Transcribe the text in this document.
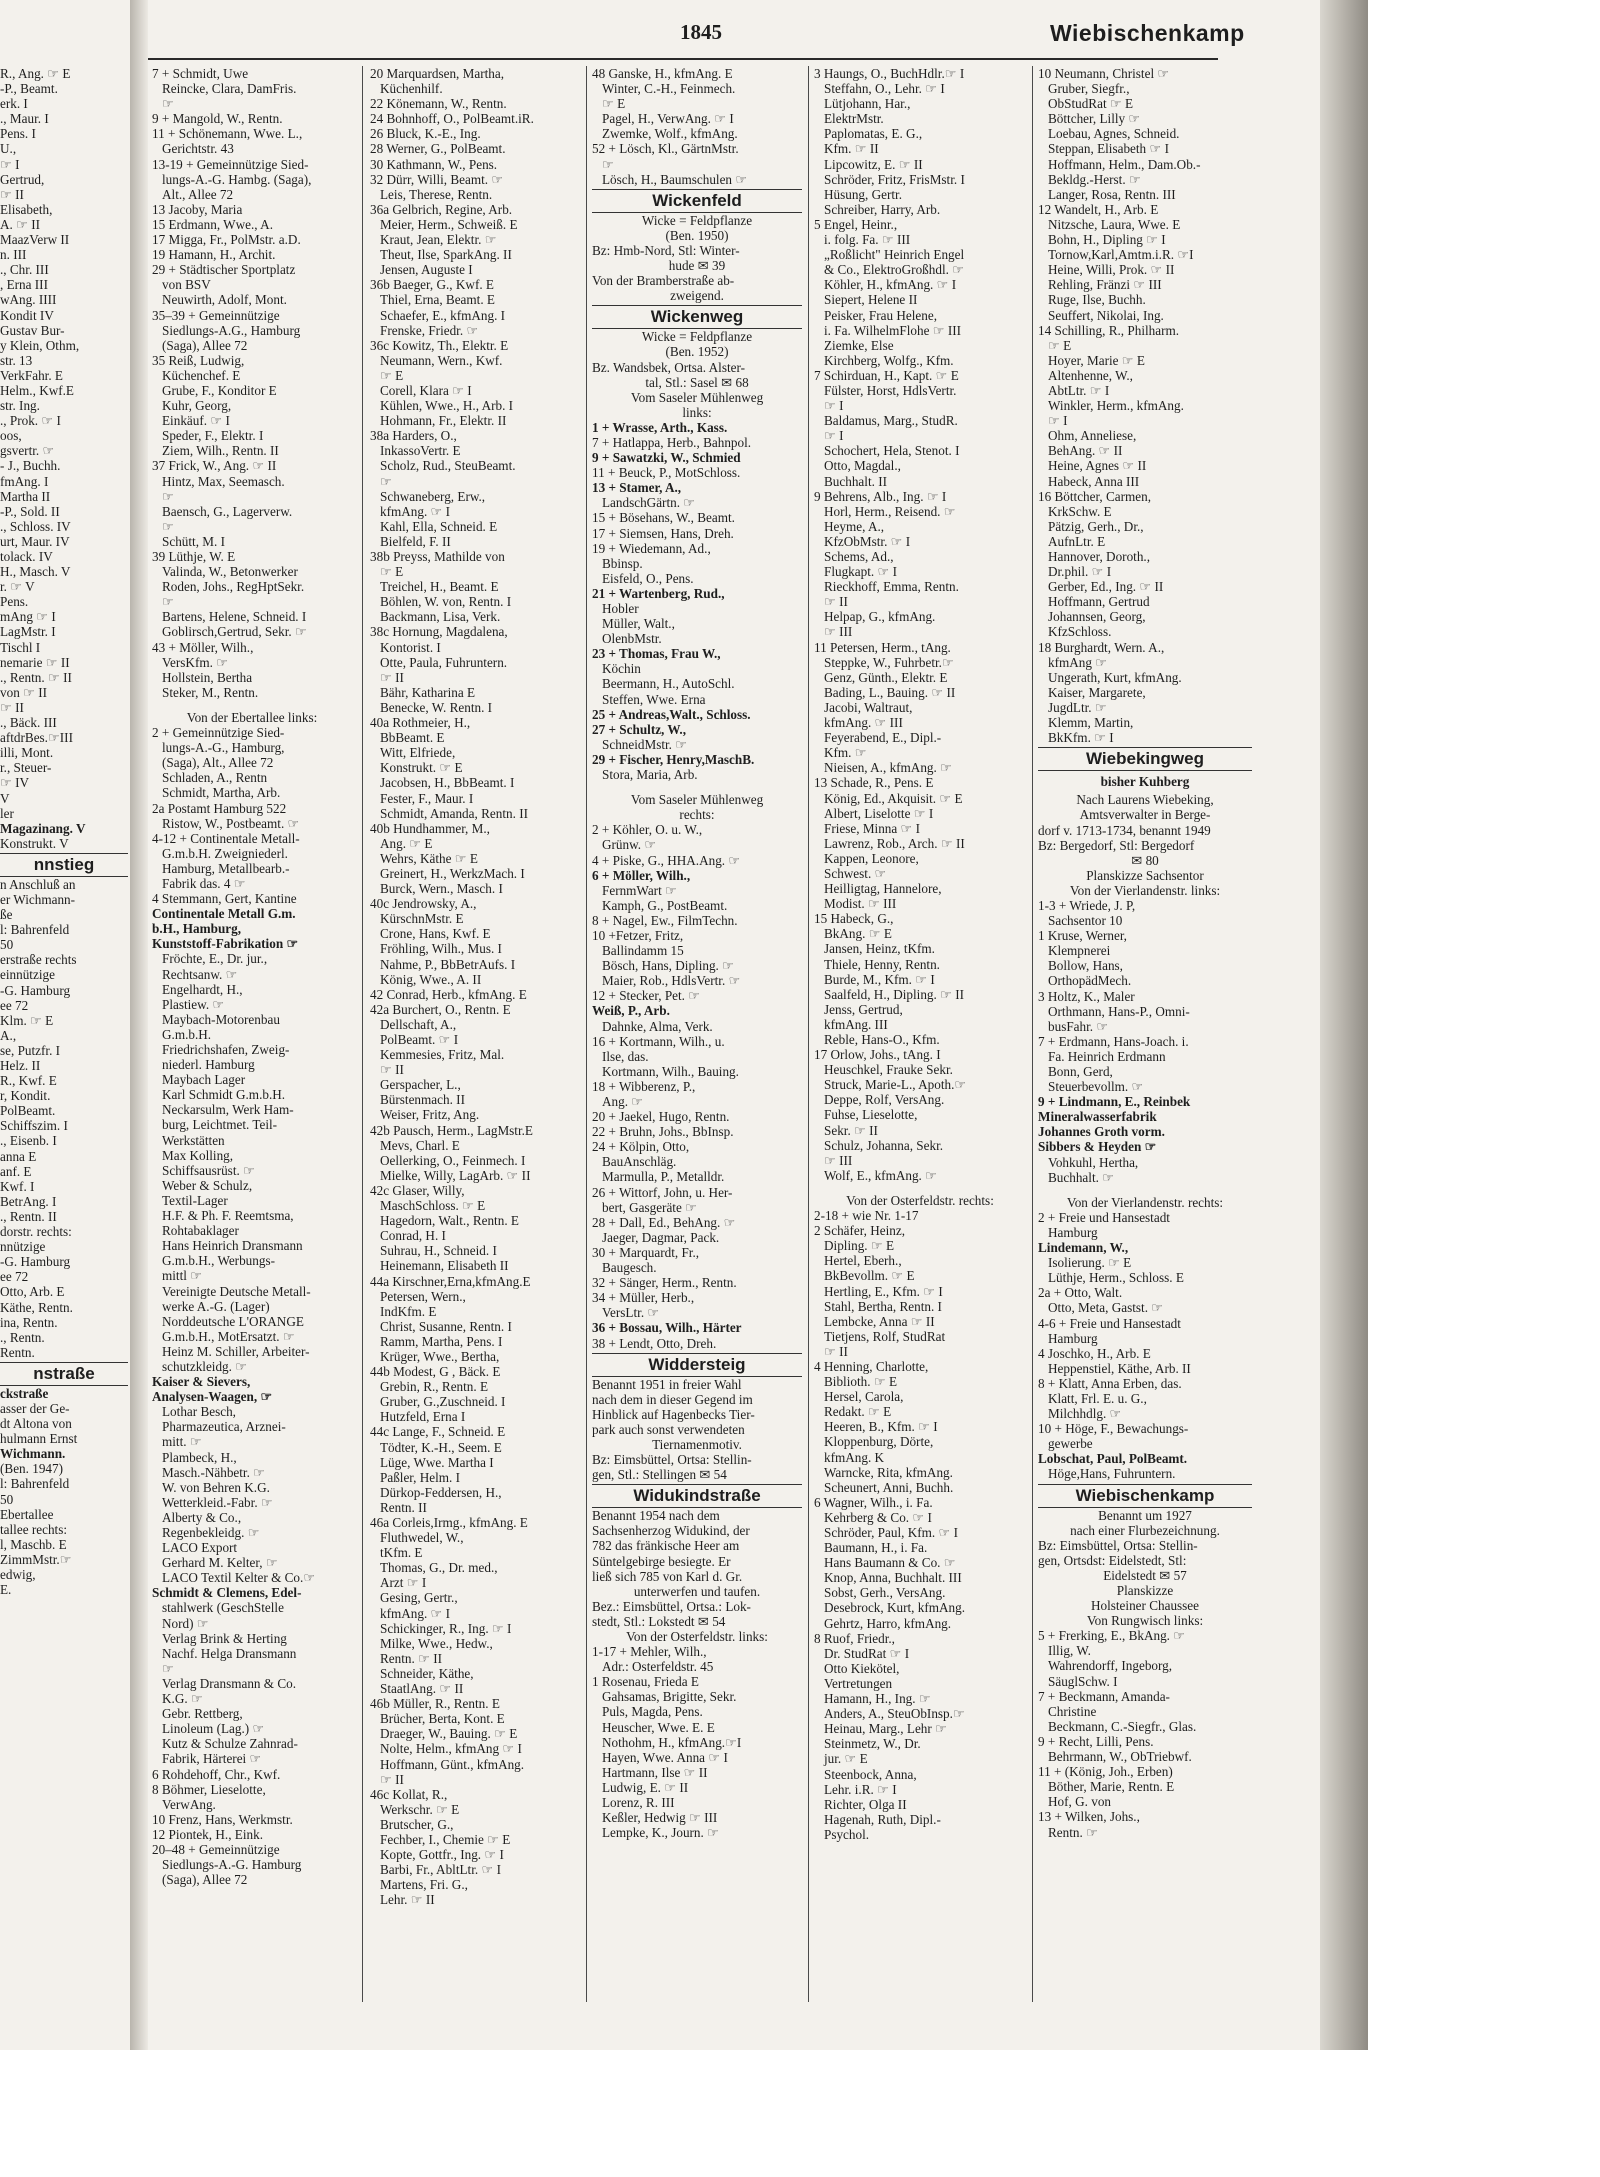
1845	Wiebischenkamp

R., Ang. ☞ E

-P., Beamt.

erk. I

., Maur. I

Pens. I

U.,

☞ I

Gertrud,

☞ II

Elisabeth,

A. ☞ II

MaazVerw II

n. III

., Chr. III

, Erna III

wAng. IIII

Kondit IV

Gustav Bur-

y Klein, Othm,

str. 13

VerkFahr. E

Helm., Kwf.E

str. Ing.

., Prok. ☞ I

oos,

gsvertr. ☞

- J., Buchh.

fmAng. I

Martha II

-P., Sold. II

., Schloss. IV

urt, Maur. IV

tolack. IV

H., Masch. V

r. ☞ V

Pens.

mAng ☞ I

LagMstr. I

Tischl I

nemarie ☞ II

., Rentn. ☞ II

von ☞ II

☞ II

., Bäck. III

aftdrBes.☞III

illi, Mont.

r., Steuer-

☞ IV

V

ler

Magazinang. V

Konstrukt. V

nnstieg

n Anschluß an

er Wichmann-

ße

l: Bahrenfeld

50

erstraße rechts

einnützige

-G. Hamburg

ee 72

Klm. ☞ E

A.,

se, Putzfr. I

Helz. II

R., Kwf. E

r, Kondit.

PolBeamt.

Schiffszim. I

., Eisenb. I

anna E

anf. E

Kwf. I

BetrAng. I

., Rentn. II

dorstr. rechts:

nnützige

-G. Hamburg

ee 72

Otto, Arb. E

Käthe, Rentn.

ina, Rentn.

., Rentn.

Rentn.

nstraße

ckstraße

asser der Ge-

dt Altona von

hulmann Ernst

Wichmann.

(Ben. 1947)

l: Bahrenfeld

50

Ebertallee

tallee rechts:

l, Maschb. E

ZimmMstr.☞

edwig,

E.

7 + Schmidt, Uwe

Reincke, Clara, DamFris.

☞

9 + Mangold, W., Rentn.

11 + Schönemann, Wwe. L.,

Gerichtstr. 43

13-19 + Gemeinnützige Sied-

lungs-A.-G. Hambg. (Saga),

Alt., Allee 72

13 Jacoby, Maria

15 Erdmann, Wwe., A.

17 Migga, Fr., PolMstr. a.D.

19 Hamann, H., Archit.

29 + Städtischer Sportplatz

von BSV

Neuwirth, Adolf, Mont.

35–39 + Gemeinnützige

Siedlungs-A.G., Hamburg

(Saga), Allee 72

35 Reiß, Ludwig,

Küchenchef. E

Grube, F., Konditor E

Kuhr, Georg,

Einkäuf. ☞ I

Speder, F., Elektr. I

Ziem, Wilh., Rentn. II

37 Frick, W., Ang. ☞ II

Hintz, Max, Seemasch.

☞

Baensch, G., Lagerverw.

☞

Schütt, M. I

39 Lüthje, W. E

Valinda, W., Betonwerker

Roden, Johs., RegHptSekr.

☞

Bartens, Helene, Schneid. I

Goblirsch,Gertrud, Sekr. ☞

43 + Möller, Wilh.,

VersKfm. ☞

Hollstein, Bertha

Steker, M., Rentn.

Von der Ebertallee links:

2 + Gemeinnützige Sied-

lungs-A.-G., Hamburg,

(Saga), Alt., Allee 72

Schladen, A., Rentn

Schmidt, Martha, Arb.

2a Postamt Hamburg 522

Ristow, W., Postbeamt. ☞

4-12 + Continentale Metall-

G.m.b.H. Zweigniederl.

Hamburg, Metallbearb.-

Fabrik das. 4 ☞

4 Stemmann, Gert, Kantine

Continentale Metall G.m.

b.H., Hamburg,

Kunststoff-Fabrikation ☞

Fröchte, E., Dr. jur.,

Rechtsanw. ☞

Engelhardt, H.,

Plastiew. ☞

Maybach-Motorenbau

G.m.b.H.

Friedrichshafen, Zweig-

niederl. Hamburg

Maybach Lager

Karl Schmidt G.m.b.H.

Neckarsulm, Werk Ham-

burg, Leichtmet. Teil-

Werkstätten

Max Kolling,

Schiffsausrüst. ☞

Weber & Schulz,

Textil-Lager

H.F. & Ph. F. Reemtsma,

Rohtabaklager

Hans Heinrich Dransmann

G.m.b.H., Werbungs-

mittl ☞

Vereinigte Deutsche Metall-

werke A.-G. (Lager)

Norddeutsche L'ORANGE

G.m.b.H., MotErsatzt. ☞

Heinz M. Schiller, Arbeiter-

schutzkleidg. ☞

Kaiser & Sievers,

Analysen-Waagen, ☞

Lothar Besch,

Pharmazeutica, Arznei-

mitt. ☞

Plambeck, H.,

Masch.-Nähbetr. ☞

W. von Behren K.G.

Wetterkleid.-Fabr. ☞

Alberty & Co.,

Regenbekleidg. ☞

LACO Export

Gerhard M. Kelter, ☞

LACO Textil Kelter & Co.☞

Schmidt & Clemens, Edel-

stahlwerk (GeschStelle

Nord) ☞

Verlag Brink & Herting

Nachf. Helga Dransmann

☞

Verlag Dransmann & Co.

K.G. ☞

Gebr. Rettberg,

Linoleum (Lag.) ☞

Kutz & Schulze Zahnrad-

Fabrik, Härterei ☞

6 Rohdehoff, Chr., Kwf.

8 Böhmer, Lieselotte,

VerwAng.

10 Frenz, Hans, Werkmstr.

12 Piontek, H., Eink.

20–48 + Gemeinnützige

Siedlungs-A.-G. Hamburg

(Saga), Allee 72

20 Marquardsen, Martha,

Küchenhilf.

22 Könemann, W., Rentn.

24 Bohnhoff, O., PolBeamt.iR.

26 Bluck, K.-E., Ing.

28 Werner, G., PolBeamt.

30 Kathmann, W., Pens.

32 Dürr, Willi, Beamt. ☞

Leis, Therese, Rentn.

36a Gelbrich, Regine, Arb.

Meier, Herm., Schweiß. E

Kraut, Jean, Elektr. ☞

Theut, Ilse, SparkAng. II

Jensen, Auguste I

36b Baeger, G., Kwf. E

Thiel, Erna, Beamt. E

Schaefer, E., kfmAng. I

Frenske, Friedr. ☞

36c Kowitz, Th., Elektr. E

Neumann, Wern., Kwf.

☞ E

Corell, Klara ☞ I

Kühlen, Wwe., H., Arb. I

Hohmann, Fr., Elektr. II

38a Harders, O.,

InkassoVertr. E

Scholz, Rud., SteuBeamt.

☞

Schwaneberg, Erw.,

kfmAng. ☞ I

Kahl, Ella, Schneid. E

Bielfeld, F. II

38b Preyss, Mathilde von

☞ E

Treichel, H., Beamt. E

Böhlen, W. von, Rentn. I

Backmann, Lisa, Verk.

38c Hornung, Magdalena,

Kontorist. I

Otte, Paula, Fuhruntern.

☞ II

Bähr, Katharina E

Benecke, W. Rentn. I

40a Rothmeier, H.,

BbBeamt. E

Witt, Elfriede,

Konstrukt. ☞ E

Jacobsen, H., BbBeamt. I

Fester, F., Maur. I

Schmidt, Amanda, Rentn. II

40b Hundhammer, M.,

Ang. ☞ E

Wehrs, Käthe ☞ E

Greinert, H., WerkzMach. I

Burck, Wern., Masch. I

40c Jendrowsky, A.,

KürschnMstr. E

Crone, Hans, Kwf. E

Fröhling, Wilh., Mus. I

Nahme, P., BbBetrAufs. I

König, Wwe., A. II

42 Conrad, Herb., kfmAng. E

42a Burchert, O., Rentn. E

Dellschaft, A.,

PolBeamt. ☞ I

Kemmesies, Fritz, Mal.

☞ II

Gerspacher, L.,

Bürstenmach. II

Weiser, Fritz, Ang.

42b Pausch, Herm., LagMstr.E

Mevs, Charl. E

Oellerking, O., Feinmech. I

Mielke, Willy, LagArb. ☞ II

42c Glaser, Willy,

MaschSchloss. ☞ E

Hagedorn, Walt., Rentn. E

Conrad, H. I

Suhrau, H., Schneid. I

Heinemann, Elisabeth II

44a Kirschner,Erna,kfmAng.E

Petersen, Wern.,

IndKfm. E

Christ, Susanne, Rentn. I

Ramm, Martha, Pens. I

Krüger, Wwe., Bertha,

44b Modest, G , Bäck. E

Grebin, R., Rentn. E

Gruber, G.,Zuschneid. I

Hutzfeld, Erna I

44c Lange, F., Schneid. E

Tödter, K.-H., Seem. E

Lüge, Wwe. Martha I

Paßler, Helm. I

Dürkop-Feddersen, H.,

Rentn. II

46a Corleis,Irmg., kfmAng. E

Fluthwedel, W.,

tKfm. E

Thomas, G., Dr. med.,

Arzt ☞ I

Gesing, Gertr.,

kfmAng. ☞ I

Schickinger, R., Ing. ☞ I

Milke, Wwe., Hedw.,

Rentn. ☞ II

Schneider, Käthe,

StaatlAng. ☞ II

46b Müller, R., Rentn. E

Brücher, Berta, Kont. E

Draeger, W., Bauing. ☞ E

Nolte, Helm., kfmAng ☞ I

Hoffmann, Günt., kfmAng.

☞ II

46c Kollat, R.,

Werkschr. ☞ E

Brutscher, G.,

Fechber, I., Chemie ☞ E

Kopte, Gottfr., Ing. ☞ I

Barbi, Fr., AbltLtr. ☞ I

Martens, Fri. G.,

Lehr. ☞ II

48 Ganske, H., kfmAng. E

Winter, C.-H., Feinmech.

☞ E

Pagel, H., VerwAng. ☞ I

Zwemke, Wolf., kfmAng.

52 + Lösch, Kl., GärtnMstr.

☞

Lösch, H., Baumschulen ☞

Wickenfeld

Wicke = Feldpflanze

(Ben. 1950)

Bz: Hmb-Nord, Stl: Winter-

hude ✉ 39

Von der Bramberstraße ab-

zweigend.

Wickenweg

Wicke = Feldpflanze

(Ben. 1952)

Bz. Wandsbek, Ortsa. Alster-

tal, Stl.: Sasel ✉ 68

Vom Saseler Mühlenweg

links:

1 + Wrasse, Arth., Kass.

7 + Hatlappa, Herb., Bahnpol.

9 + Sawatzki, W., Schmied

11 + Beuck, P., MotSchloss.

13 + Stamer, A.,

LandschGärtn. ☞

15 + Bösehans, W., Beamt.

17 + Siemsen, Hans, Dreh.

19 + Wiedemann, Ad.,

Bbinsp.

Eisfeld, O., Pens.

21 + Wartenberg, Rud.,

Hobler

Müller, Walt.,

OlenbMstr.

23 + Thomas, Frau W.,

Köchin

Beermann, H., AutoSchl.

Steffen, Wwe. Erna

25 + Andreas,Walt., Schloss.

27 + Schultz, W.,

SchneidMstr. ☞

29 + Fischer, Henry,MaschB.

Stora, Maria, Arb.

Vom Saseler Mühlenweg

rechts:

2 + Köhler, O. u. W.,

Grünw. ☞

4 + Piske, G., HHA.Ang. ☞

6 + Möller, Wilh.,

FernmWart ☞

Kamph, G., PostBeamt.

8 + Nagel, Ew., FilmTechn.

10 +Fetzer, Fritz,

Ballindamm 15

Bösch, Hans, Dipling. ☞

Maier, Rob., HdlsVertr. ☞

12 + Stecker, Pet. ☞

Weiß, P., Arb.

Dahnke, Alma, Verk.

16 + Kortmann, Wilh., u.

Ilse, das.

Kortmann, Wilh., Bauing.

18 + Wibberenz, P.,

Ang. ☞

20 + Jaekel, Hugo, Rentn.

22 + Bruhn, Johs., BbInsp.

24 + Kölpin, Otto,

BauAnschläg.

Marmulla, P., Metalldr.

26 + Wittorf, John, u. Her-

bert, Gasgeräte ☞

28 + Dall, Ed., BehAng. ☞

Jaeger, Dagmar, Pack.

30 + Marquardt, Fr.,

Baugesch.

32 + Sänger, Herm., Rentn.

34 + Müller, Herb.,

VersLtr. ☞

36 + Bossau, Wilh., Härter

38 + Lendt, Otto, Dreh.

Widdersteig

Benannt 1951 in freier Wahl

nach dem in dieser Gegend im

Hinblick auf Hagenbecks Tier-

park auch sonst verwendeten

Tiernamenmotiv.

Bz: Eimsbüttel, Ortsa: Stellin-

gen, Stl.: Stellingen ✉ 54

Widukindstraße

Benannt 1954 nach dem

Sachsenherzog Widukind, der

782 das fränkische Heer am

Süntelgebirge besiegte. Er

ließ sich 785 von Karl d. Gr.

unterwerfen und taufen.

Bez.: Eimsbüttel, Ortsa.: Lok-

stedt, Stl.: Lokstedt ✉ 54

Von der Osterfeldstr. links:

1-17 + Mehler, Wilh.,

Adr.: Osterfeldstr. 45

1 Rosenau, Frieda E

Gahsamas, Brigitte, Sekr.

Puls, Magda, Pens.

Heuscher, Wwe. E. E

Nothohm, H., kfmAng.☞I

Hayen, Wwe. Anna ☞ I

Hartmann, Ilse ☞ II

Ludwig, E. ☞ II

Lorenz, R. III

Keßler, Hedwig ☞ III

Lempke, K., Journ. ☞

3 Haungs, O., BuchHdlr.☞ I

Steffahn, O., Lehr. ☞ I

Lütjohann, Har.,

ElektrMstr.

Paplomatas, E. G.,

Kfm. ☞ II

Lipcowitz, E. ☞ II

Schröder, Fritz, FrisMstr. I

Hüsung, Gertr.

Schreiber, Harry, Arb.

5 Engel, Heinr.,

i. folg. Fa. ☞ III

„Roßlicht" Heinrich Engel

& Co., ElektroGroßhdl. ☞

Köhler, H., kfmAng. ☞ I

Siepert, Helene II

Peisker, Frau Helene,

i. Fa. WilhelmFlohe ☞ III

Ziemke, Else

Kirchberg, Wolfg., Kfm.

7 Schirduan, H., Kapt. ☞ E

Fülster, Horst, HdlsVertr.

☞ I

Baldamus, Marg., StudR.

☞ I

Schochert, Hela, Stenot. I

Otto, Magdal.,

Buchhalt. II

9 Behrens, Alb., Ing. ☞ I

Horl, Herm., Reisend. ☞

Heyme, A.,

KfzObMstr. ☞ I

Schems, Ad.,

Flugkapt. ☞ I

Rieckhoff, Emma, Rentn.

☞ II

Helpap, G., kfmAng.

☞ III

11 Petersen, Herm., tAng.

Steppke, W., Fuhrbetr.☞

Genz, Günth., Elektr. E

Bading, L., Bauing. ☞ II

Jacobi, Waltraut,

kfmAng. ☞ III

Feyerabend, E., Dipl.-

Kfm. ☞

Nieisen, A., kfmAng. ☞

13 Schade, R., Pens. E

König, Ed., Akquisit. ☞ E

Albert, Liselotte ☞ I

Friese, Minna ☞ I

Lawrenz, Rob., Arch. ☞ II

Kappen, Leonore,

Schwest. ☞

Heilligtag, Hannelore,

Modist. ☞ III

15 Habeck, G.,

BkAng. ☞ E

Jansen, Heinz, tKfm.

Thiele, Henny, Rentn.

Burde, M., Kfm. ☞ I

Saalfeld, H., Dipling. ☞ II

Jenss, Gertrud,

kfmAng. III

Reble, Hans-O., Kfm.

17 Orlow, Johs., tAng. I

Heuschkel, Frauke Sekr.

Struck, Marie-L., Apoth.☞

Deppe, Rolf, VersAng.

Fuhse, Lieselotte,

Sekr. ☞ II

Schulz, Johanna, Sekr.

☞ III

Wolf, E., kfmAng. ☞

Von der Osterfeldstr. rechts:

2-18 + wie Nr. 1-17

2 Schäfer, Heinz,

Dipling. ☞ E

Hertel, Eberh.,

BkBevollm. ☞ E

Hertling, E., Kfm. ☞ I

Stahl, Bertha, Rentn. I

Lembcke, Anna ☞ II

Tietjens, Rolf, StudRat

☞ II

4 Henning, Charlotte,

Biblioth. ☞ E

Hersel, Carola,

Redakt. ☞ E

Heeren, B., Kfm. ☞ I

Kloppenburg, Dörte,

kfmAng. K

Warncke, Rita, kfmAng.

Scheunert, Anni, Buchh.

6 Wagner, Wilh., i. Fa.

Kehrberg & Co. ☞ I

Schröder, Paul, Kfm. ☞ I

Baumann, H., i. Fa.

Hans Baumann & Co. ☞

Knop, Anna, Buchhalt. III

Sobst, Gerh., VersAng.

Desebrock, Kurt, kfmAng.

Gehrtz, Harro, kfmAng.

8 Ruof, Friedr.,

Dr. StudRat ☞ I

Otto Kiekötel,

Vertretungen

Hamann, H., Ing. ☞

Anders, A., SteuObInsp.☞

Heinau, Marg., Lehr ☞

Steinmetz, W., Dr.

jur. ☞ E

Steenbock, Anna,

Lehr. i.R. ☞ I

Richter, Olga II

Hagenah, Ruth, Dipl.-

Psychol.

10 Neumann, Christel ☞

Gruber, Siegfr.,

ObStudRat ☞ E

Böttcher, Lilly ☞

Loebau, Agnes, Schneid.

Steppan, Elisabeth ☞ I

Hoffmann, Helm., Dam.Ob.-

Bekldg.-Herst. ☞

Langer, Rosa, Rentn. III

12 Wandelt, H., Arb. E

Nitzsche, Laura, Wwe. E

Bohn, H., Dipling ☞ I

Tornow,Karl,Amtm.i.R. ☞I

Heine, Willi, Prok. ☞ II

Rehling, Fränzi ☞ III

Ruge, Ilse, Buchh.

Seuffert, Nikolai, Ing.

14 Schilling, R., Philharm.

☞ E

Hoyer, Marie ☞ E

Altenhenne, W.,

AbtLtr. ☞ I

Winkler, Herm., kfmAng.

☞ I

Ohm, Anneliese,

BehAng. ☞ II

Heine, Agnes ☞ II

Habeck, Anna III

16 Böttcher, Carmen,

KrkSchw. E

Pätzig, Gerh., Dr.,

AufnLtr. E

Hannover, Doroth.,

Dr.phil. ☞ I

Gerber, Ed., Ing. ☞ II

Hoffmann, Gertrud

Johannsen, Georg,

KfzSchloss.

18 Burghardt, Wern. A.,

kfmAng ☞

Ungerath, Kurt, kfmAng.

Kaiser, Margarete,

JugdLtr. ☞

Klemm, Martin,

BkKfm. ☞ I

Wiebekingweg

bisher Kuhberg

Nach Laurens Wiebeking,

Amtsverwalter in Berge-

dorf v. 1713-1734, benannt 1949

Bz: Bergedorf, Stl: Bergedorf

✉ 80

Planskizze Sachsentor

Von der Vierlandenstr. links:

1-3 + Wriede, J. P,

Sachsentor 10

1 Kruse, Werner,

Klempnerei

Bollow, Hans,

OrthopädMech.

3 Holtz, K., Maler

Orthmann, Hans-P., Omni-

busFahr. ☞

7 + Erdmann, Hans-Joach. i.

Fa. Heinrich Erdmann

Bonn, Gerd,

Steuerbevollm. ☞

9 + Lindmann, E., Reinbek

Mineralwasserfabrik

Johannes Groth vorm.

Sibbers & Heyden ☞

Vohkuhl, Hertha,

Buchhalt. ☞

Von der Vierlandenstr. rechts:

2 + Freie und Hansestadt

Hamburg

Lindemann, W.,

Isolierung. ☞ E

Lüthje, Herm., Schloss. E

2a + Otto, Walt.

Otto, Meta, Gastst. ☞

4-6 + Freie und Hansestadt

Hamburg

4 Joschko, H., Arb. E

Heppenstiel, Käthe, Arb. II

8 + Klatt, Anna Erben, das.

Klatt, Frl. E. u. G.,

Milchhdlg. ☞

10 + Höge, F., Bewachungs-

gewerbe

Lobschat, Paul, PolBeamt.

Höge,Hans, Fuhruntern.

Wiebischenkamp

Benannt um 1927

nach einer Flurbezeichnung.

Bz: Eimsbüttel, Ortsa: Stellin-

gen, Ortsdst: Eidelstedt, Stl:

Eidelstedt ✉ 57

Planskizze

Holsteiner Chaussee

Von Rungwisch links:

5 + Frerking, E., BkAng. ☞

Illig, W.

Wahrendorff, Ingeborg,

SäuglSchw. I

7 + Beckmann, Amanda-

Christine

Beckmann, C.-Siegfr., Glas.

9 + Recht, Lilli, Pens.

Behrmann, W., ObTriebwf.

11 + (König, Joh., Erben)

Böther, Marie, Rentn. E

Hof, G. von

13 + Wilken, Johs.,

Rentn. ☞
